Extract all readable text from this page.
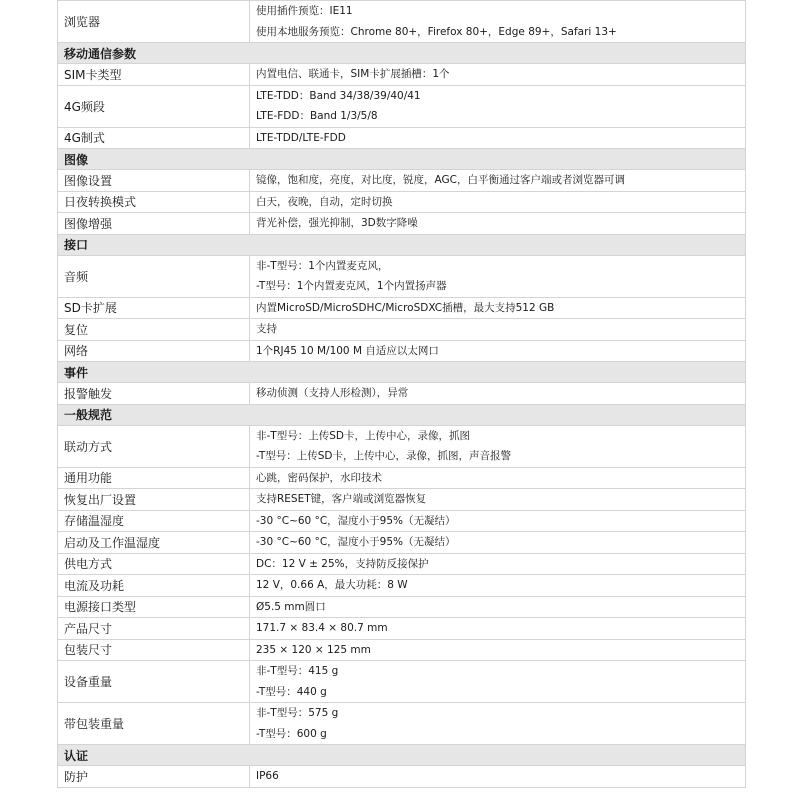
浏览器	使用插件预览：IE11
使用本地服务预览：Chrome 80+，Firefox 80+，Edge 89+，Safari 13+

移动通信参数	
SIM卡类型	内置电信、联通卡，SIM卡扩展插槽：1个

4G频段	LTE-TDD：Band 34/38/39/40/41
LTE-FDD：Band 1/3/5/8

4G制式	LTE-TDD/LTE-FDD

图像	
图像设置	镜像，饱和度，亮度，对比度，锐度，AGC，白平衡通过客户端或者浏览器可调

日夜转换模式	白天，夜晚，自动，定时切换

图像增强	背光补偿，强光抑制，3D数字降噪

接口	
音频	非-T型号：1个内置麦克风，
-T型号：1个内置麦克风，1个内置扬声器

SD卡扩展	内置MicroSD/MicroSDHC/MicroSDXC插槽，最大支持512 GB

复位	支持

网络	1个RJ45 10 M/100 M 自适应以太网口

事件	
报警触发	移动侦测（支持人形检测），异常

一般规范	
联动方式	非-T型号：上传SD卡，上传中心，录像，抓图
-T型号：上传SD卡，上传中心，录像，抓图，声音报警

通用功能	心跳，密码保护，水印技术

恢复出厂设置	支持RESET键，客户端或浏览器恢复

存储温湿度	-30 °C~60 °C，湿度小于95%（无凝结）

启动及工作温湿度	-30 °C~60 °C，湿度小于95%（无凝结）

供电方式	DC：12 V ± 25%，支持防反接保护

电流及功耗	12 V，0.66 A，最大功耗：8 W

电源接口类型	Ø5.5 mm圆口

产品尺寸	171.7 × 83.4 × 80.7 mm

包装尺寸	235 × 120 × 125 mm

设备重量	非-T型号：415 g
-T型号：440 g

带包装重量	非-T型号：575 g
-T型号：600 g

认证	
防护	IP66
